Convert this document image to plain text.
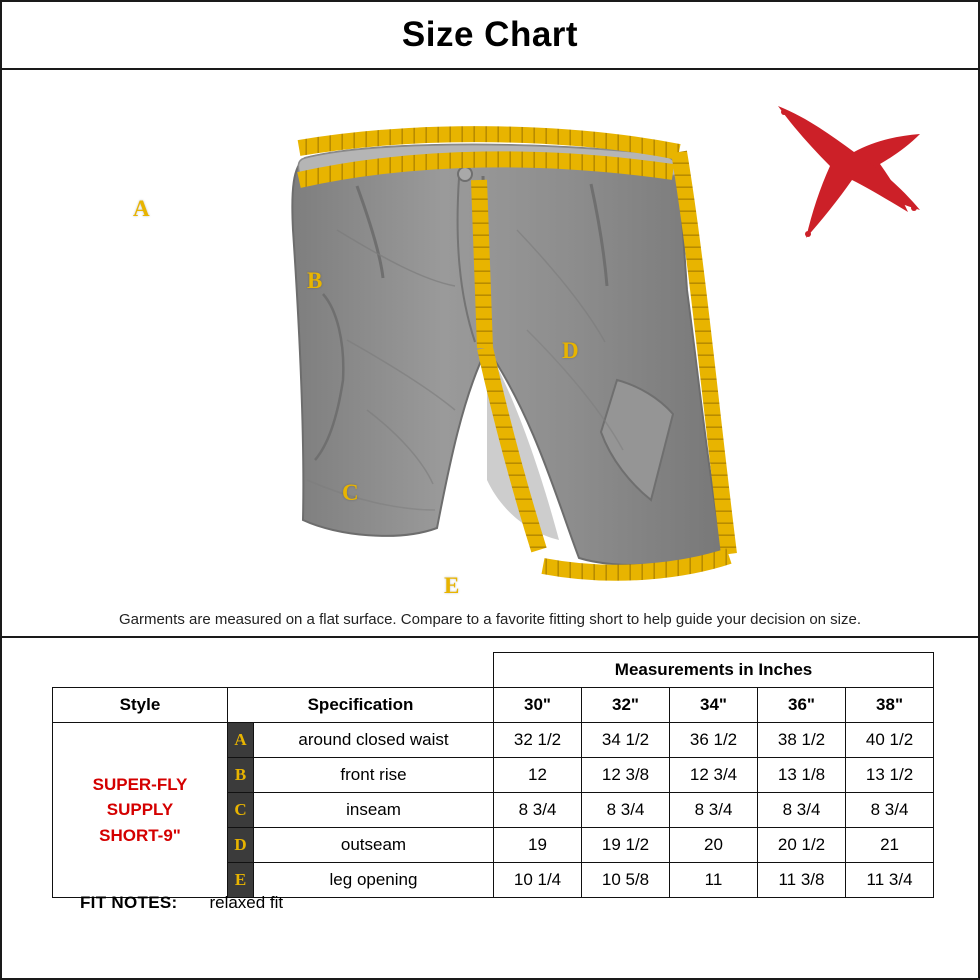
Size Chart
A
B
C
D
E
Garments are measured on a flat surface. Compare to a favorite fitting short to help guide your decision on size.
			Measurements in Inches				
Style	Specification		30"	32"	34"	36"	38"

SUPER-FLY
SUPPLY
SHORT-9"	A	around closed waist	32 1/2	34 1/2	36 1/2	38 1/2	40 1/2
	B	front rise	12	12 3/8	12 3/4	13 1/8	13 1/2
	C	inseam	8 3/4	8 3/4	8 3/4	8 3/4	8 3/4
	D	outseam	19	19 1/2	20	20 1/2	21
	E	leg opening	10 1/4	10 5/8	11	11 3/8	11 3/4
FIT NOTES: relaxed fit
